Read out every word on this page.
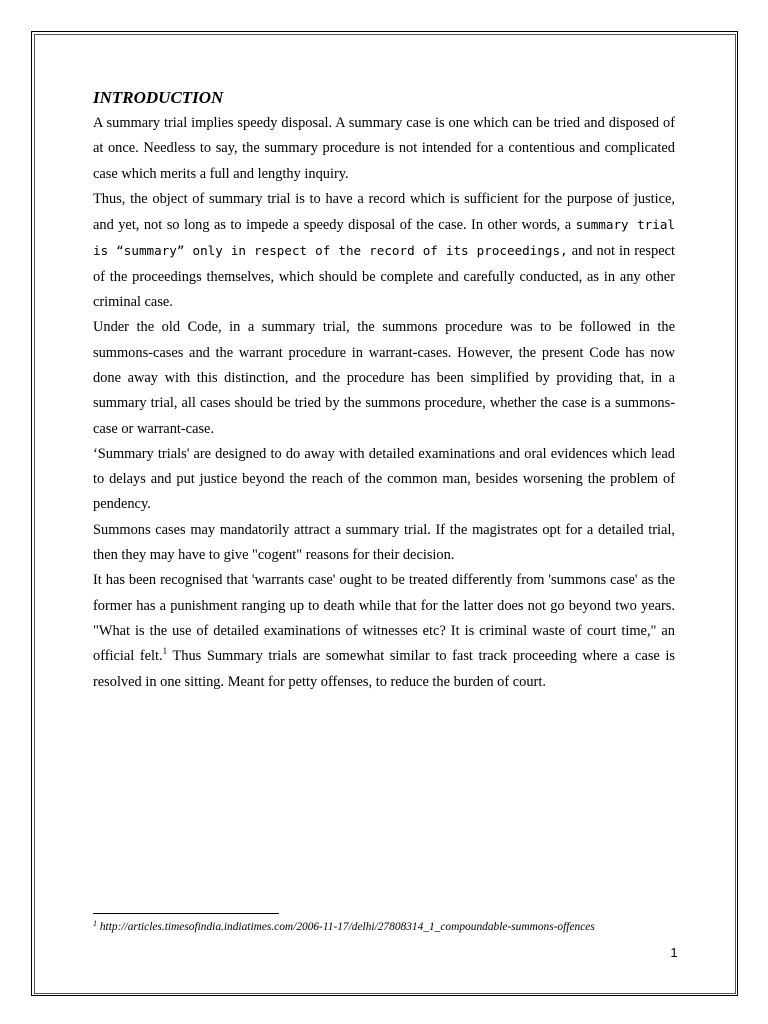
INTRODUCTION

A summary trial implies speedy disposal. A summary case is one which can be tried and disposed of at once. Needless to say, the summary procedure is not intended for a contentious and complicated case which merits a full and lengthy inquiry.

Thus, the object of summary trial is to have a record which is sufficient for the purpose of justice, and yet, not so long as to impede a speedy disposal of the case. In other words, a summary trial is “summary” only in respect of the record of its proceedings, and not in respect of the proceedings themselves, which should be complete and carefully conducted, as in any other criminal case.

Under the old Code, in a summary trial, the summons procedure was to be followed in the summons-cases and the warrant procedure in warrant-cases. However, the present Code has now done away with this distinction, and the procedure has been simplified by providing that, in a summary trial, all cases should be tried by the summons procedure, whether the case is a summons-case or warrant-case.

‘Summary trials' are designed to do away with detailed examinations and oral evidences which lead to delays and put justice beyond the reach of the common man, besides worsening the problem of pendency.

Summons cases may mandatorily attract a summary trial. If the magistrates opt for a detailed trial, then they may have to give "cogent" reasons for their decision.

It has been recognised that 'warrants case' ought to be treated differently from 'summons case' as the former has a punishment ranging up to death while that for the latter does not go beyond two years. "What is the use of detailed examinations of witnesses etc? It is criminal waste of court time," an official felt.$^1$ Thus Summary trials are somewhat similar to fast track proceeding where a case is resolved in one sitting. Meant for petty offenses, to reduce the burden of court.

$^1$ http://articles.timesofindia.indiatimes.com/2006-11-17/delhi/27808314_1_compoundable-summons-offences
1
